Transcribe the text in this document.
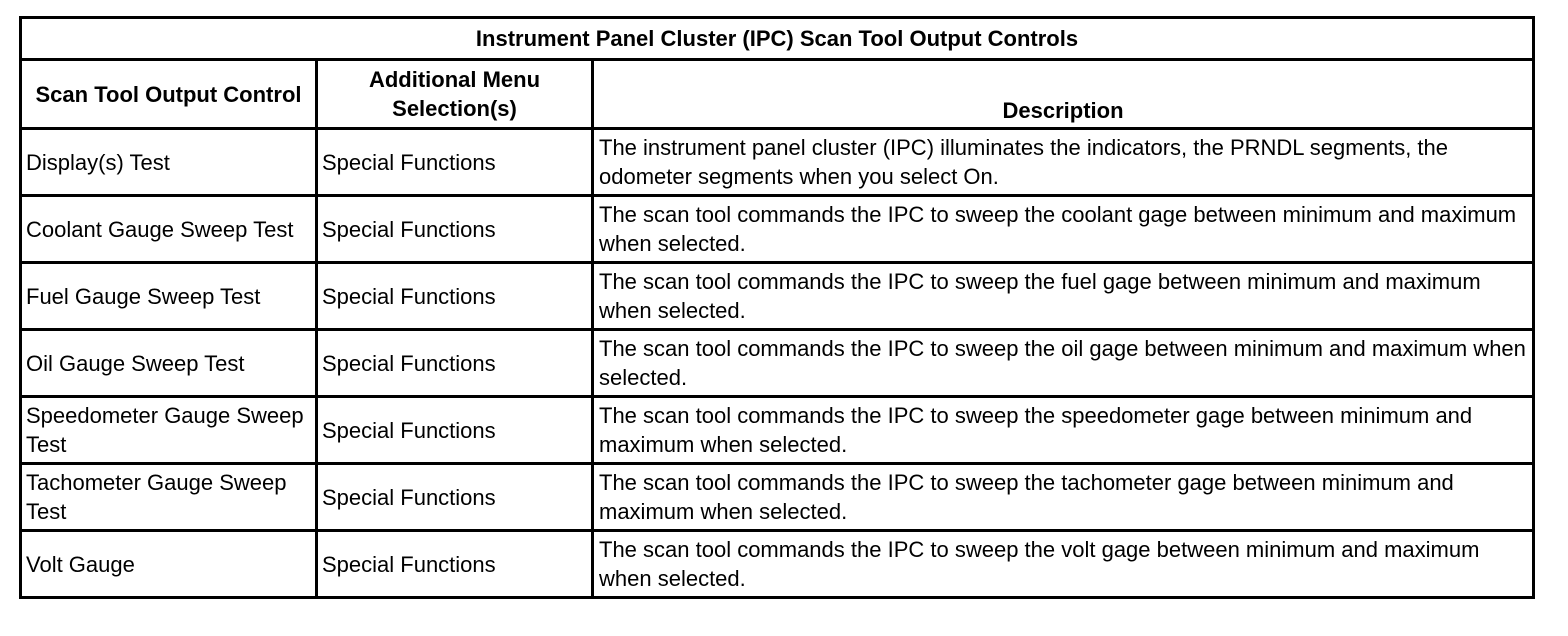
Instrument Panel Cluster (IPC) Scan Tool Output Controls		
Scan Tool Output Control	Additional Menu Selection(s)	Description
Display(s) Test	Special Functions	The instrument panel cluster (IPC) illuminates the indicators, the PRNDL segments, the odometer segments when you select On.
Coolant Gauge Sweep Test	Special Functions	The scan tool commands the IPC to sweep the coolant gage between minimum and maximum when selected.
Fuel Gauge Sweep Test	Special Functions	The scan tool commands the IPC to sweep the fuel gage between minimum and maximum when selected.
Oil Gauge Sweep Test	Special Functions	The scan tool commands the IPC to sweep the oil gage between minimum and maximum when selected.
Speedometer Gauge Sweep Test	Special Functions	The scan tool commands the IPC to sweep the speedometer gage between minimum and maximum when selected.
Tachometer Gauge Sweep Test	Special Functions	The scan tool commands the IPC to sweep the tachometer gage between minimum and maximum when selected.
Volt Gauge	Special Functions	The scan tool commands the IPC to sweep the volt gage between minimum and maximum when selected.
